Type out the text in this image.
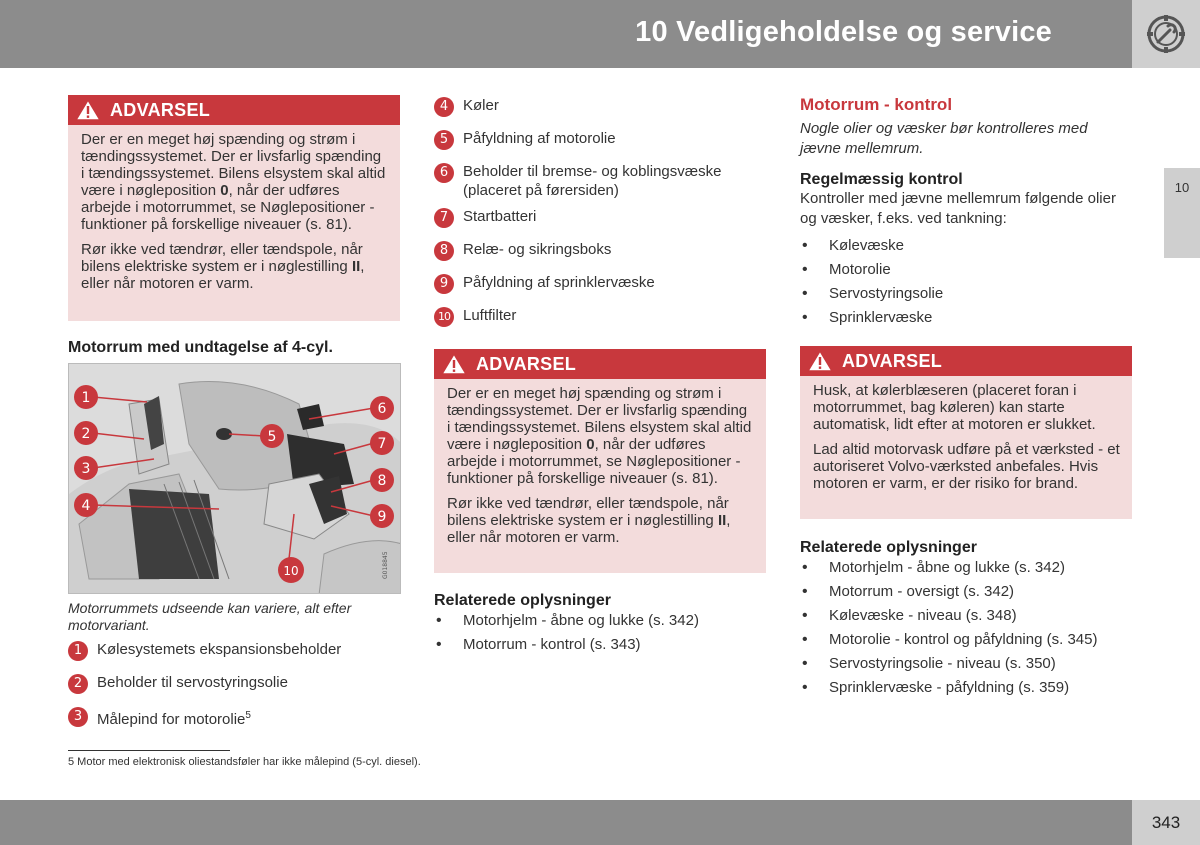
10 Vedligeholdelse og service
10
ADVARSEL

Der er en meget høj spænding og strøm i tændingssystemet. Der er livsfarlig spænding i tændingssystemet. Bilens elsystem skal altid være i nøgleposition 0, når der udføres arbejde i motorrummet, se Nøglepositioner - funktioner på forskellige niveauer (s. 81).

Rør ikke ved tændrør, eller tændspole, når bilens elektriske system er i nøglestilling II, eller når motoren er varm.

Motorrum med undtagelse af 4-cyl.
1
2
3
4
5
6
7
8
9
10	G018845

Motorrummets udseende kan variere, alt efter motorvariant.

1 Kølesystemets ekspansionsbeholder
2 Beholder til servostyringsolie
3 Målepind for motorolie$^5$
4 Køler
5 Påfyldning af motorolie
6 Beholder til bremse- og koblingsvæske (placeret på førersiden)
7 Startbatteri
8 Relæ- og sikringsboks
9 Påfyldning af sprinklervæske
10 Luftfilter
ADVARSEL

Der er en meget høj spænding og strøm i tændingssystemet. Der er livsfarlig spænding i tændingssystemet. Bilens elsystem skal altid være i nøgleposition 0, når der udføres arbejde i motorrummet, se Nøglepositioner - funktioner på forskellige niveauer (s. 81).

Rør ikke ved tændrør, eller tændspole, når bilens elektriske system er i nøglestilling II, eller når motoren er varm.

Relaterede oplysninger
• Motorhjelm - åbne og lukke (s. 342)
• Motorrum - kontrol (s. 343)
Motorrum - kontrol

Nogle olier og væsker bør kontrolleres med jævne mellemrum.

Regelmæssig kontrol

Kontroller med jævne mellemrum følgende olier og væsker, f.eks. ved tankning:

• Kølevæske
• Motorolie
• Servostyringsolie
• Sprinklervæske
ADVARSEL

Husk, at kølerblæseren (placeret foran i motorrummet, bag køleren) kan starte automatisk, lidt efter at motoren er slukket.

Lad altid motorvask udføre på et værksted - et autoriseret Volvo-værksted anbefales. Hvis motoren er varm, er der risiko for brand.

Relaterede oplysninger
• Motorhjelm - åbne og lukke (s. 342)
• Motorrum - oversigt (s. 342)
• Kølevæske - niveau (s. 348)
• Motorolie - kontrol og påfyldning (s. 345)
• Servostyringsolie - niveau (s. 350)
• Sprinklervæske - påfyldning (s. 359)
5 Motor med elektronisk oliestandsføler har ikke målepind (5-cyl. diesel).
343
